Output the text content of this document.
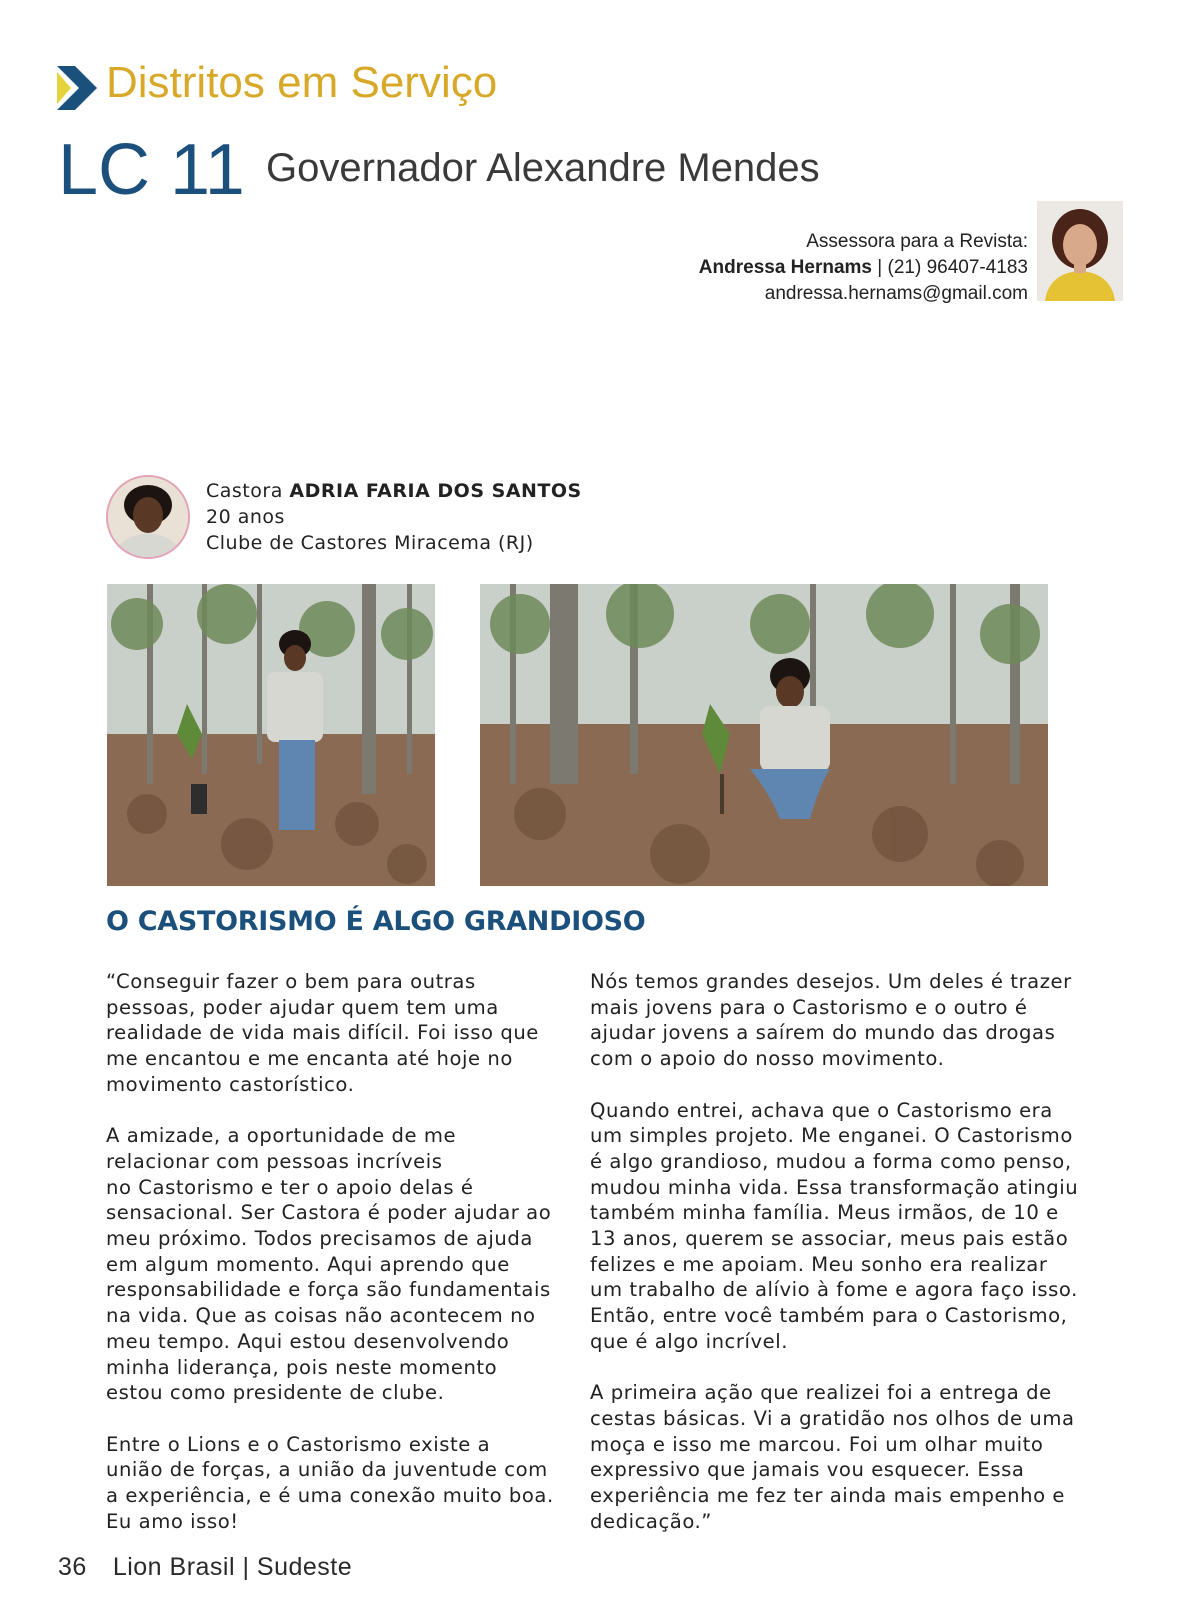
Distritos em Serviço
LC 11 Governador Alexandre Mendes
Assessora para a Revista:
Andressa Hernams | (21) 96407-4183
andressa.hernams@gmail.com
Castora ADRIA FARIA DOS SANTOS
20 anos
Clube de Castores Miracema (RJ)
O CASTORISMO É ALGO GRANDIOSO

“Conseguir fazer o bem para outras
pessoas, poder ajudar quem tem uma
realidade de vida mais difícil. Foi isso que
me encantou e me encanta até hoje no
movimento castorístico.

A amizade, a oportunidade de me
relacionar com pessoas incríveis
no Castorismo e ter o apoio delas é
sensacional. Ser Castora é poder ajudar ao
meu próximo. Todos precisamos de ajuda
em algum momento. Aqui aprendo que
responsabilidade e força são fundamentais
na vida. Que as coisas não acontecem no
meu tempo. Aqui estou desenvolvendo
minha liderança, pois neste momento
estou como presidente de clube.

Entre o Lions e o Castorismo existe a
união de forças, a união da juventude com
a experiência, e é uma conexão muito boa.
Eu amo isso!

Nós temos grandes desejos. Um deles é trazer
mais jovens para o Castorismo e o outro é
ajudar jovens a saírem do mundo das drogas
com o apoio do nosso movimento.

Quando entrei, achava que o Castorismo era
um simples projeto. Me enganei. O Castorismo
é algo grandioso, mudou a forma como penso,
mudou minha vida. Essa transformação atingiu
também minha família. Meus irmãos, de 10 e
13 anos, querem se associar, meus pais estão
felizes e me apoiam. Meu sonho era realizar
um trabalho de alívio à fome e agora faço isso.
Então, entre você também para o Castorismo,
que é algo incrível.

A primeira ação que realizei foi a entrega de
cestas básicas. Vi a gratidão nos olhos de uma
moça e isso me marcou. Foi um olhar muito
expressivo que jamais vou esquecer. Essa
experiência me fez ter ainda mais empenho e
dedicação.”

36 Lion Brasil | Sudeste
